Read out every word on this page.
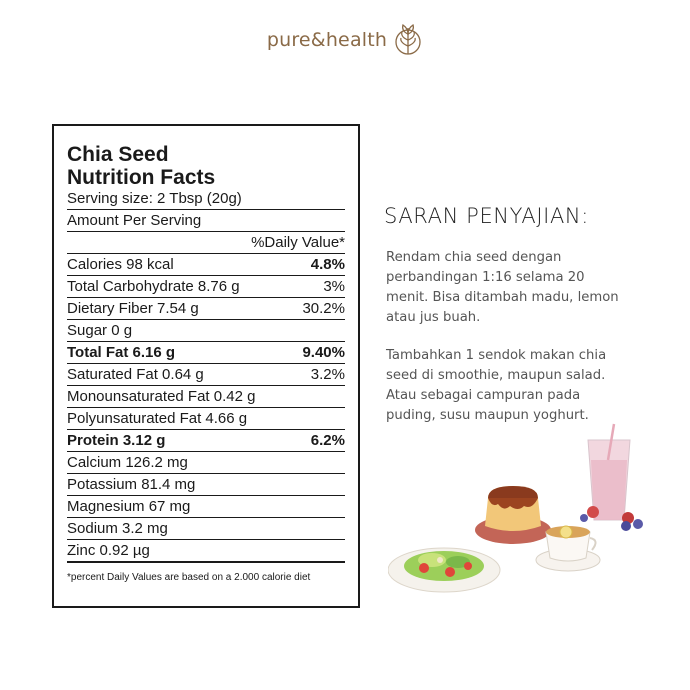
pure&health
Chia Seed
Nutrition Facts
Serving size: 2 Tbsp (20g)
Amount Per Serving
%Daily Value*
Calories 98 kcal	4.8%
Total Carbohydrate 8.76 g	3%
Dietary Fiber 7.54 g	30.2%
Sugar 0 g
Total Fat 6.16 g	9.40%
Saturated Fat 0.64 g	3.2%
Monounsaturated Fat 0.42 g
Polyunsaturated Fat 4.66 g
Protein 3.12 g	6.2%
Calcium 126.2 mg
Potassium 81.4 mg
Magnesium 67 mg
Sodium 3.2 mg
Zinc 0.92 µg
*percent Daily Values are based on a 2.000 calorie diet
SARAN PENYAJIAN:

Rendam chia seed dengan perbandingan 1:16 selama 20 menit. Bisa ditambah madu, lemon atau jus buah.

Tambahkan 1 sendok makan chia seed di smoothie, maupun salad. Atau sebagai campuran pada puding, susu maupun yoghurt.
